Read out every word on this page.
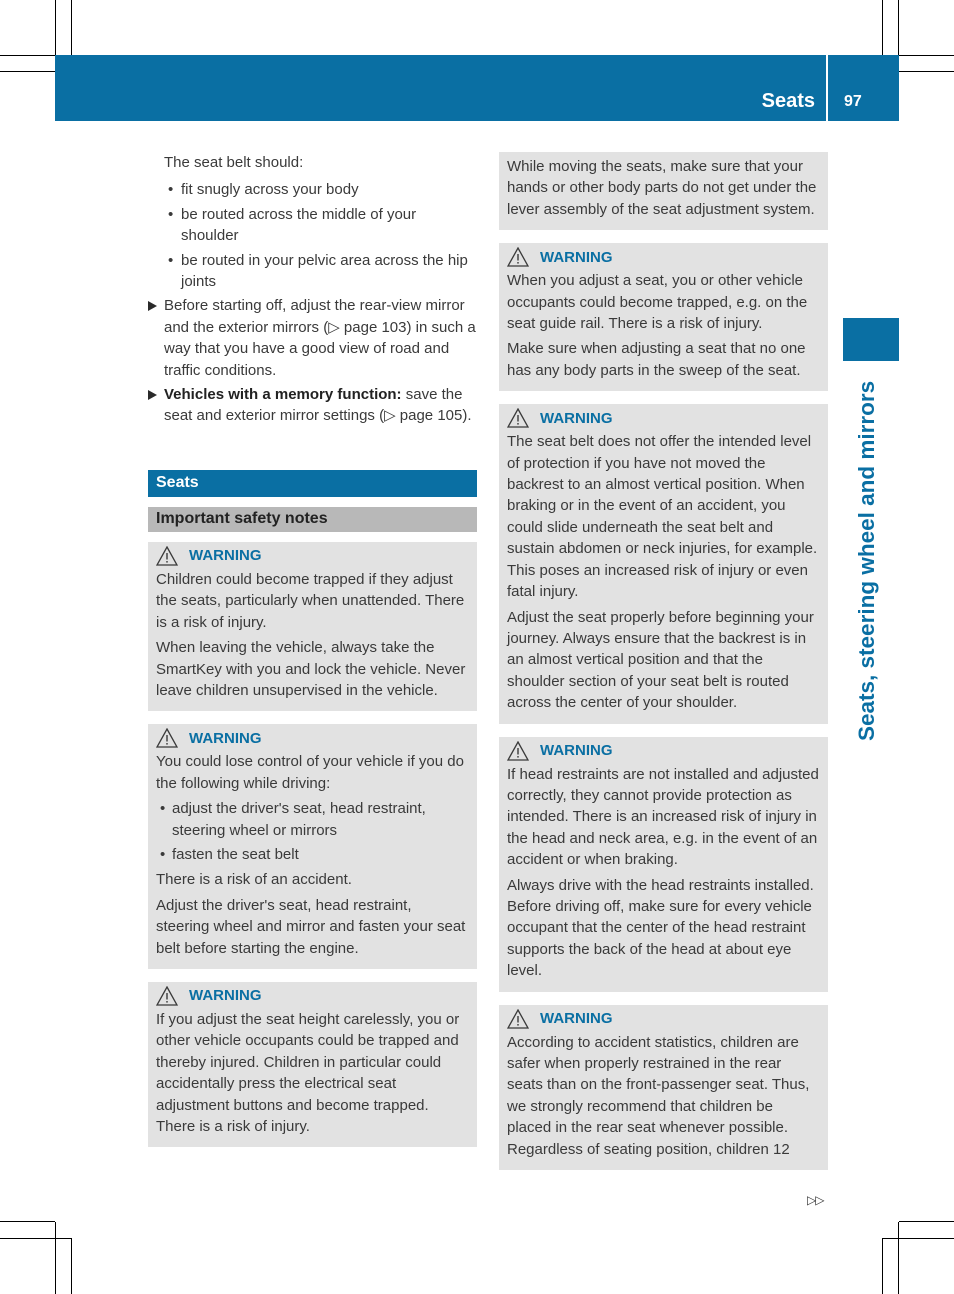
Seats 97
Seats, steering wheel and mirrors

The seat belt should:

• fit snugly across your body
• be routed across the middle of your shoulder
• be routed in your pelvic area across the hip joints
Before starting off, adjust the rear-view mirror and the exterior mirrors (▷ page 103) in such a way that you have a good view of road and traffic conditions.
Vehicles with a memory function: save the seat and exterior mirror settings (▷ page 105).
Seats
Important safety notes
WARNING

Children could become trapped if they adjust the seats, particularly when unattended. There is a risk of injury.

When leaving the vehicle, always take the SmartKey with you and lock the vehicle. Never leave children unsupervised in the vehicle.

WARNING

You could lose control of your vehicle if you do the following while driving:

• adjust the driver's seat, head restraint, steering wheel or mirrors
• fasten the seat belt

There is a risk of an accident.

Adjust the driver's seat, head restraint, steering wheel and mirror and fasten your seat belt before starting the engine.

WARNING

If you adjust the seat height carelessly, you or other vehicle occupants could be trapped and thereby injured. Children in particular could accidentally press the electrical seat adjustment buttons and become trapped. There is a risk of injury.

While moving the seats, make sure that your hands or other body parts do not get under the lever assembly of the seat adjustment system.

WARNING

When you adjust a seat, you or other vehicle occupants could become trapped, e.g. on the seat guide rail. There is a risk of injury.

Make sure when adjusting a seat that no one has any body parts in the sweep of the seat.

WARNING

The seat belt does not offer the intended level of protection if you have not moved the backrest to an almost vertical position. When braking or in the event of an accident, you could slide underneath the seat belt and sustain abdomen or neck injuries, for example. This poses an increased risk of injury or even fatal injury.

Adjust the seat properly before beginning your journey. Always ensure that the backrest is in an almost vertical position and that the shoulder section of your seat belt is routed across the center of your shoulder.

WARNING

If head restraints are not installed and adjusted correctly, they cannot provide protection as intended. There is an increased risk of injury in the head and neck area, e.g. in the event of an accident or when braking.

Always drive with the head restraints installed. Before driving off, make sure for every vehicle occupant that the center of the head restraint supports the back of the head at about eye level.

WARNING

According to accident statistics, children are safer when properly restrained in the rear seats than on the front-passenger seat. Thus, we strongly recommend that children be placed in the rear seat whenever possible. Regardless of seating position, children 12

▷▷
